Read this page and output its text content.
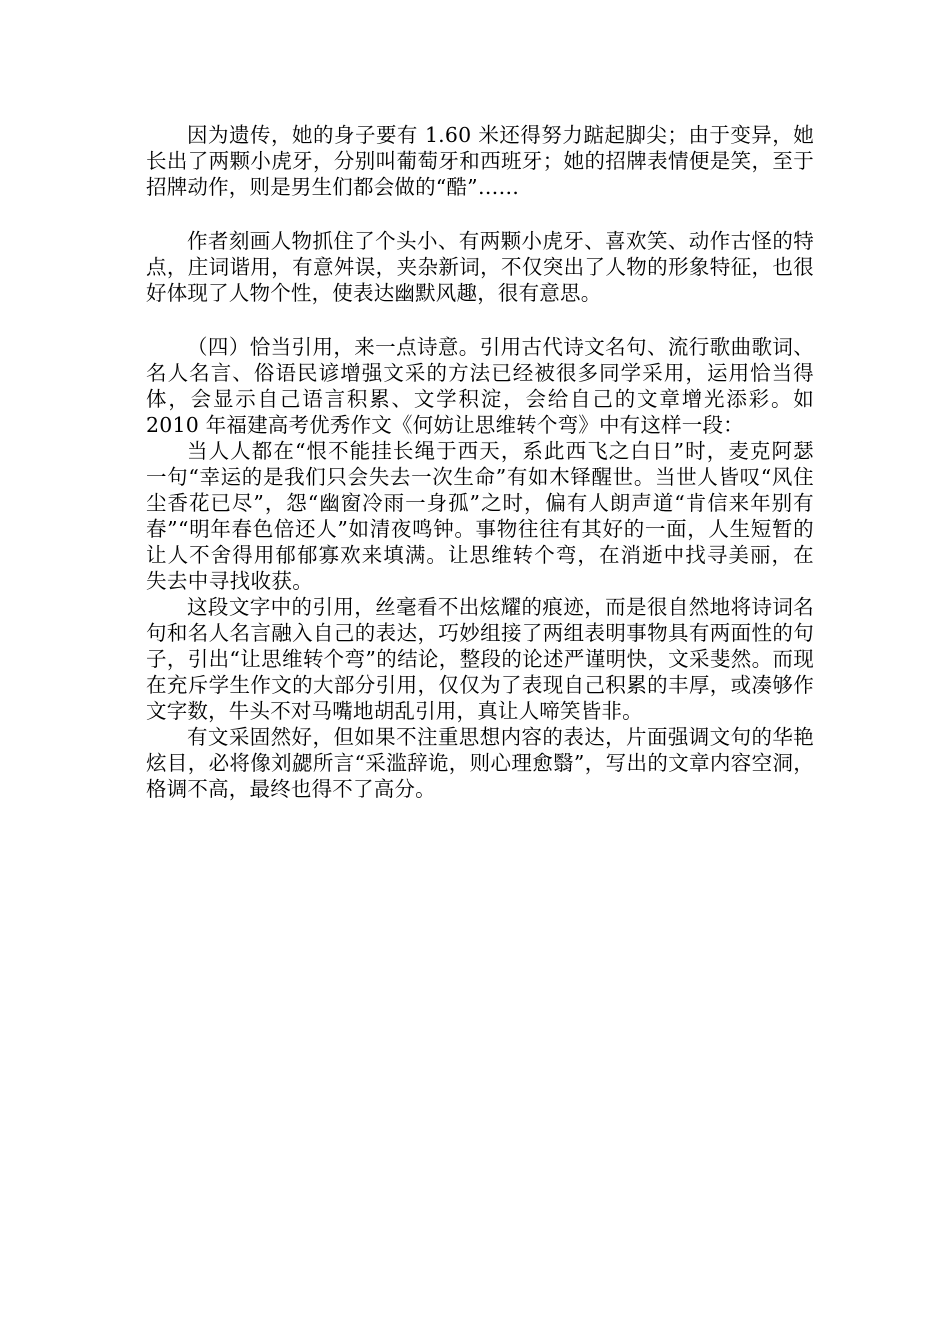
因为遗传，她的身子要有 1.60 米还得努力踮起脚尖；由于变异，她长出了两颗小虎牙，分别叫葡萄牙和西班牙；她的招牌表情便是笑，至于招牌动作，则是男生们都会做的“酷”……

作者刻画人物抓住了个头小、有两颗小虎牙、喜欢笑、动作古怪的特点，庄词谐用，有意舛误，夹杂新词，不仅突出了人物的形象特征，也很好体现了人物个性，使表达幽默风趣，很有意思。

（四）恰当引用，来一点诗意。引用古代诗文名句、流行歌曲歌词、名人名言、俗语民谚增强文采的方法已经被很多同学采用，运用恰当得体，会显示自己语言积累、文学积淀，会给自己的文章增光添彩。如2010 年福建高考优秀作文《何妨让思维转个弯》中有这样一段：

当人人都在“恨不能挂长绳于西天，系此西飞之白日”时，麦克阿瑟一句“幸运的是我们只会失去一次生命”有如木铎醒世。当世人皆叹“风住尘香花已尽”，怨“幽窗冷雨一身孤”之时，偏有人朗声道“肯信来年别有春”“明年春色倍还人”如清夜鸣钟。事物往往有其好的一面，人生短暂的让人不舍得用郁郁寡欢来填满。让思维转个弯，在消逝中找寻美丽，在失去中寻找收获。

这段文字中的引用，丝毫看不出炫耀的痕迹，而是很自然地将诗词名句和名人名言融入自己的表达，巧妙组接了两组表明事物具有两面性的句子，引出“让思维转个弯”的结论，整段的论述严谨明快，文采斐然。而现在充斥学生作文的大部分引用，仅仅为了表现自己积累的丰厚，或凑够作文字数，牛头不对马嘴地胡乱引用，真让人啼笑皆非。

有文采固然好，但如果不注重思想内容的表达，片面强调文句的华艳炫目，必将像刘勰所言“采滥辞诡，则心理愈翳”，写出的文章内容空洞，格调不高，最终也得不了高分。
